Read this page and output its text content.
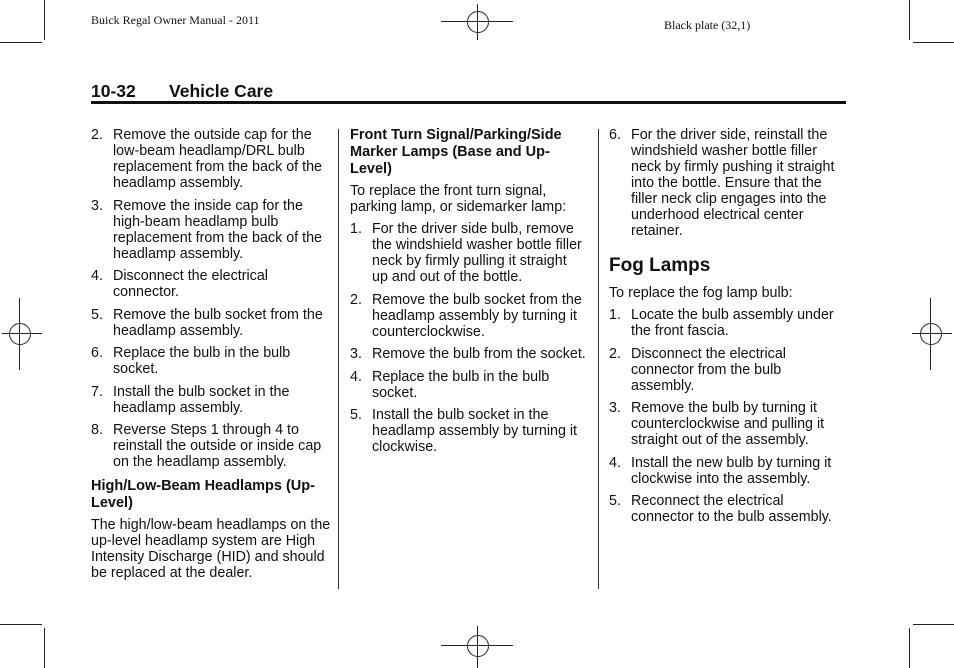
Buick Regal Owner Manual - 2011	Black plate (32,1)
10-32 Vehicle Care
2. Remove the outside cap for the low-beam headlamp/DRL bulb replacement from the back of the headlamp assembly.
3. Remove the inside cap for the high-beam headlamp bulb replacement from the back of the headlamp assembly.
4. Disconnect the electrical connector.
5. Remove the bulb socket from the headlamp assembly.
6. Replace the bulb in the bulb socket.
7. Install the bulb socket in the headlamp assembly.
8. Reverse Steps 1 through 4 to reinstall the outside or inside cap on the headlamp assembly.
High/Low-Beam Headlamps (Up-Level)

The high/low-beam headlamps on the up-level headlamp system are High Intensity Discharge (HID) and should be replaced at the dealer.

Front Turn Signal/Parking/Side Marker Lamps (Base and Up-Level)

To replace the front turn signal, parking lamp, or sidemarker lamp:

1. For the driver side bulb, remove the windshield washer bottle filler neck by firmly pulling it straight up and out of the bottle.
2. Remove the bulb socket from the headlamp assembly by turning it counterclockwise.
3. Remove the bulb from the socket.
4. Replace the bulb in the bulb socket.
5. Install the bulb socket in the headlamp assembly by turning it clockwise.
6. For the driver side, reinstall the windshield washer bottle filler neck by firmly pushing it straight into the bottle. Ensure that the filler neck clip engages into the underhood electrical center retainer.
Fog Lamps

To replace the fog lamp bulb:

1. Locate the bulb assembly under the front fascia.
2. Disconnect the electrical connector from the bulb assembly.
3. Remove the bulb by turning it counterclockwise and pulling it straight out of the assembly.
4. Install the new bulb by turning it clockwise into the assembly.
5. Reconnect the electrical connector to the bulb assembly.
